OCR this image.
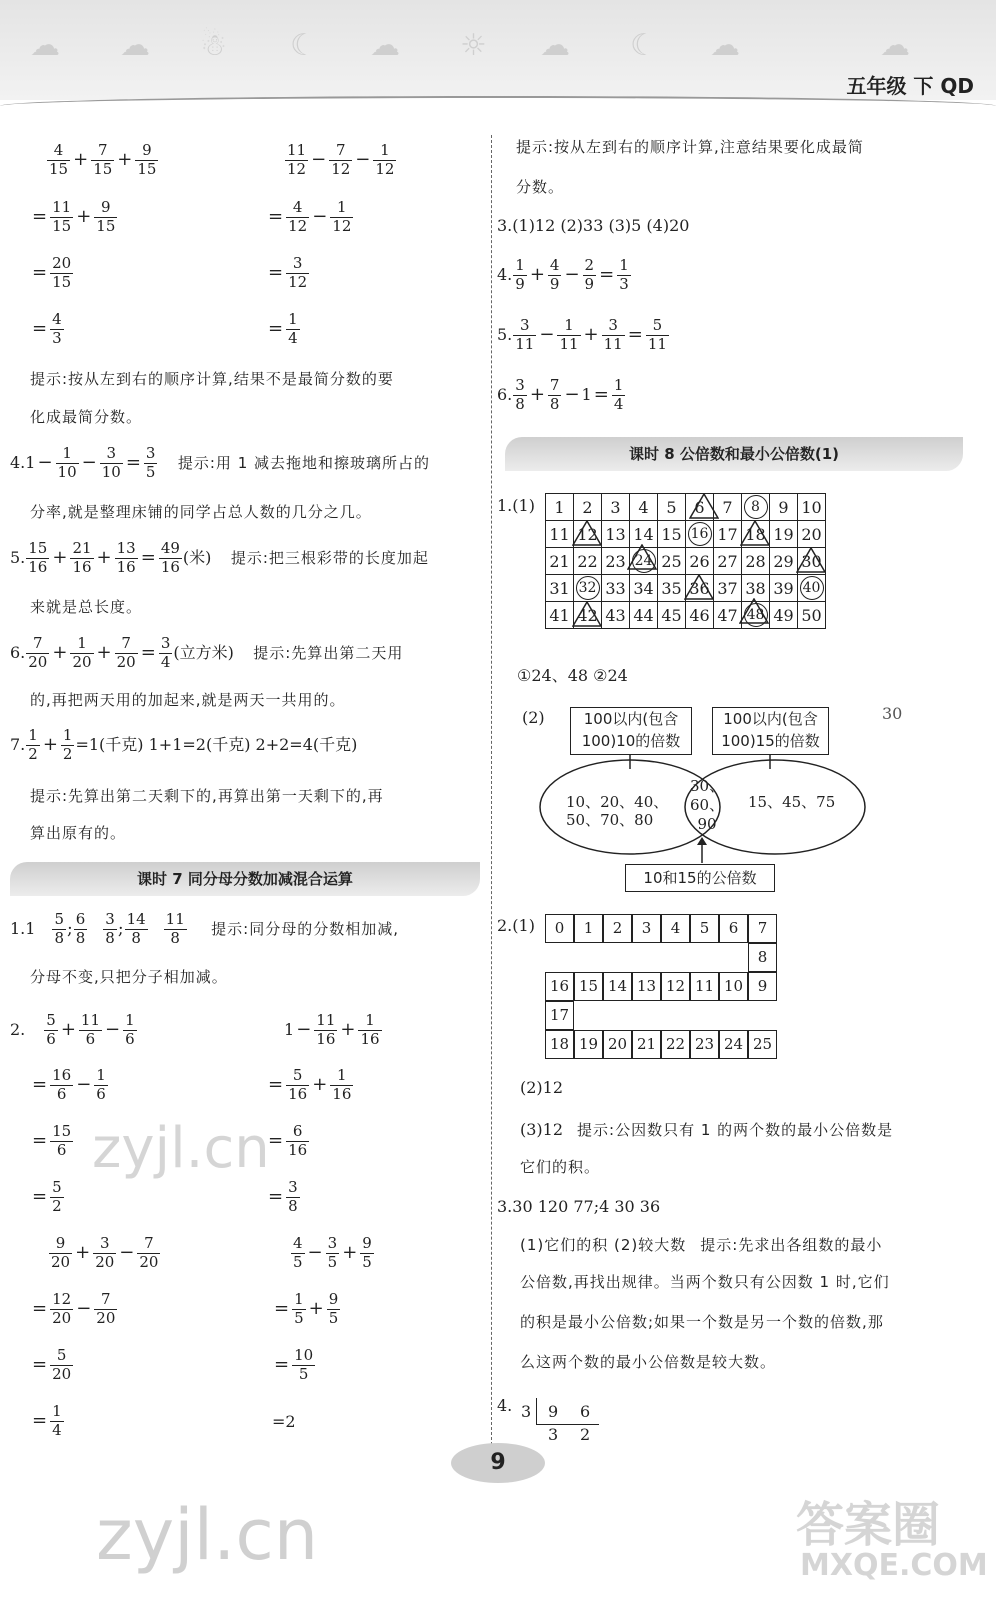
☁ ☁ ☃ ☾ ☁ ☼ ☁ ☾ ☁	☁
五年级 下 QD
$\frac{4}{15} + \frac{7}{15} + \frac{9}{15}$
= $\frac{11}{15} + \frac{9}{15}$
= $\frac{20}{15}$
= $\frac{4}{3}$
$\frac{11}{12} - \frac{7}{12} - \frac{1}{12}$
= $\frac{4}{12} - \frac{1}{12}$
= $\frac{3}{12}$
= $\frac{1}{4}$
提示:按从左到右的顺序计算,结果不是最简分数的要
化成最简分数。
$4.1 - \frac{1}{10} - \frac{3}{10} = \frac{3}{5}$ 提示:用 1 减去拖地和擦玻璃所占的
分率,就是整理床铺的同学占总人数的几分之几。
5. $\frac{15}{16} + \frac{21}{16} + \frac{13}{16} = \frac{49}{16}$ (米) 提示:把三根彩带的长度加起
来就是总长度。
6. $\frac{7}{20} + \frac{1}{20} + \frac{7}{20} = \frac{3}{4}$ (立方米) 提示:先算出第二天用
的,再把两天用的加起来,就是两天一共用的。
7. $\frac{1}{2} + \frac{1}{2} =1$(千克) 1+1=2(千克) 2+2=4(千克)
提示:先算出第二天剩下的,再算出第一天剩下的,再
算出原有的。
课时 7 同分母分数加减混合运算
$1.1 \frac{5}{8}$ ; $\frac{6}{8} \frac{3}{8}$ ; $\frac{14}{8} \frac{11}{8}$ 提示:同分母的分数相加减,
分母不变,只把分子相加减。
2. $\frac{5}{6} + \frac{11}{6} - \frac{1}{6}$
= $\frac{16}{6} - \frac{1}{6}$
= $\frac{15}{6}$
= $\frac{5}{2}$
$1 - \frac{11}{16} + \frac{1}{16}$
= $\frac{5}{16} + \frac{1}{16}$
= $\frac{6}{16}$
= $\frac{3}{8}$
$\frac{9}{20} + \frac{3}{20} - \frac{7}{20}$
= $\frac{12}{20} - \frac{7}{20}$
= $\frac{5}{20}$
= $\frac{1}{4}$
$\frac{4}{5} - \frac{3}{5} + \frac{9}{5}$
= $\frac{1}{5} + \frac{9}{5}$
= $\frac{10}{5}$
=2
提示:按从左到右的顺序计算,注意结果要化成最简
分数。
3.(1)12 (2)33 (3)5 (4)20
4. $\frac{1}{9} + \frac{4}{9} - \frac{2}{9} = \frac{1}{3}$
5. $\frac{3}{11} - \frac{1}{11} + \frac{3}{11} = \frac{5}{11}$
6. $\frac{3}{8} + \frac{7}{8} - 1 = \frac{1}{4}$
课时 8 公倍数和最小公倍数(1)
1.(1) 1	2	3	4	5	6	7	8	9	10
11	12	13	14	15	16	17	18	19	20
21	22	23	24	25	26	27	28	29	30
31	32	33	34	35	36	37	38	39	40
41	42	43	44	45	46	47	48	49	50
①24、48 ②24
(2)	30
100以内(包含
100)10的倍数
100以内(包含
100)15的倍数
10、20、40、
50、70、80
30、
60、
90
15、45、75
10和15的公倍数
2.(1)	0	1	2	3	4	5	6	7
8
16 15 14 13 12 11 10 9
17
18 19 20 21 22 23 24 25
(2)12
(3)12 提示:公因数只有 1 的两个数的最小公倍数是
它们的积。
3.30 120 77;4 30 36
(1)它们的积 (2)较大数 提示:先求出各组数的最小
公倍数,再找出规律。当两个数只有公因数 1 时,它们
的积是最小公倍数;如果一个数是另一个数的倍数,那
么这两个数的最小公倍数是较大数。
4. 3 9 6
3 2
zyjl.cn
zyjl.cn	答案圈
MXQE.COM
9
